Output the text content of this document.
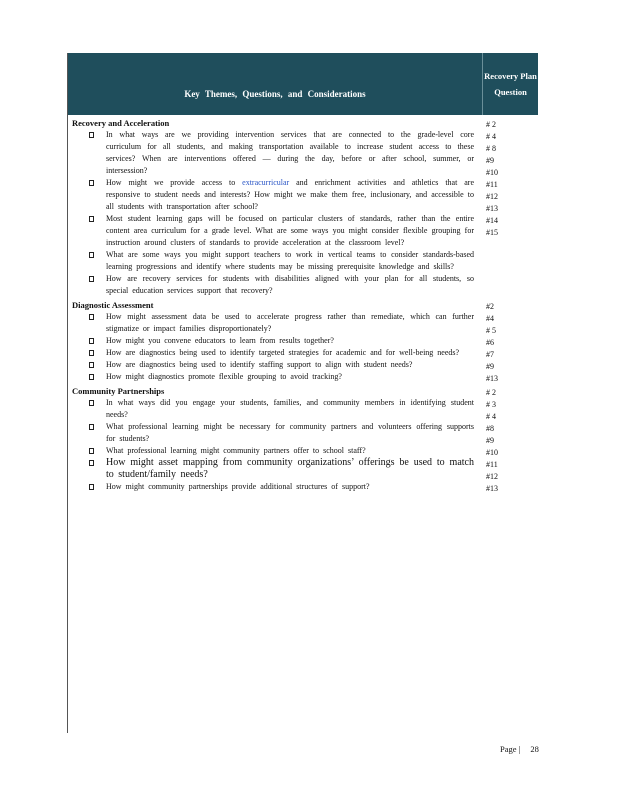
Key Themes, Questions, and Considerations
Recovery Plan Question
Recovery and Acceleration
In what ways are we providing intervention services that are connected to the grade-level core curriculum for all students, and making transportation available to increase student access to these services? When are interventions offered — during the day, before or after school, summer, or intersession?
How might we provide access to extracurricular and enrichment activities and athletics that are responsive to student needs and interests? How might we make them free, inclusionary, and accessible to all students with transportation after school?
Most student learning gaps will be focused on particular clusters of standards, rather than the entire content area curriculum for a grade level. What are some ways you might consider flexible grouping for instruction around clusters of standards to provide acceleration at the classroom level?
What are some ways you might support teachers to work in vertical teams to consider standards-based learning progressions and identify where students may be missing prerequisite knowledge and skills?
How are recovery services for students with disabilities aligned with your plan for all students, so special education services support that recovery?
# 2
# 4
# 8
#9
#10
#11
#12
#13
#14
#15
Diagnostic Assessment
How might assessment data be used to accelerate progress rather than remediate, which can further stigmatize or impact families disproportionately?
How might you convene educators to learn from results together?
How are diagnostics being used to identify targeted strategies for academic and for well-being needs?
How are diagnostics being used to identify staffing support to align with student needs?
How might diagnostics promote flexible grouping to avoid tracking?
#2
#4
# 5
#6
#7
#9
#13
Community Partnerships
In what ways did you engage your students, families, and community members in identifying student needs?
What professional learning might be necessary for community partners and volunteers offering supports for students?
What professional learning might community partners offer to school staff?
How might asset mapping from community organizations’ offerings be used to match to student/family needs?
How might community partnerships provide additional structures of support?
# 2
# 3
# 4
#8
#9
#10
#11
#12
#13
Page | 28
